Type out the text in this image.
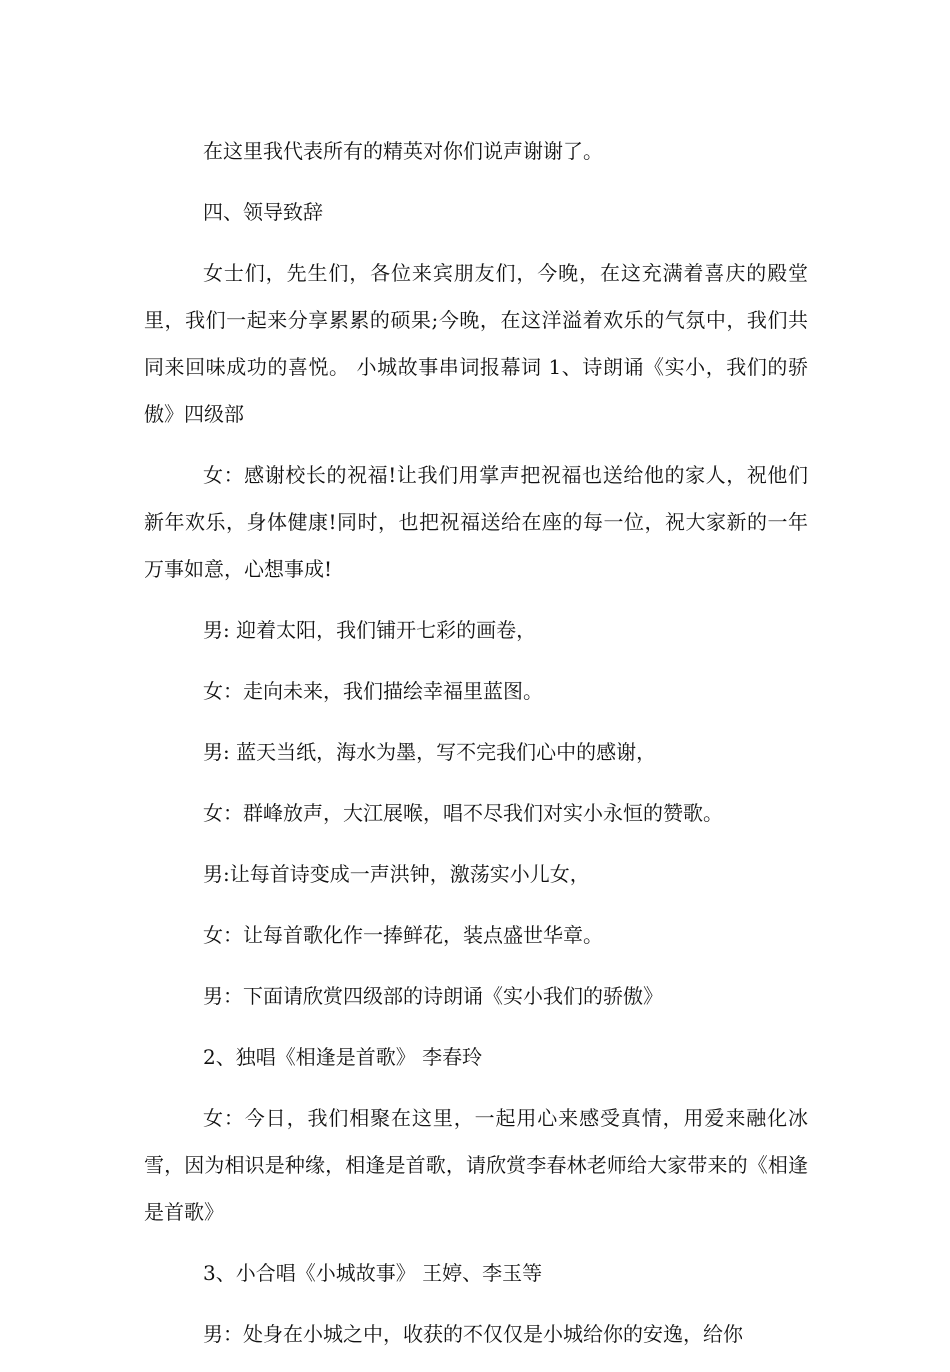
在这里我代表所有的精英对你们说声谢谢了。

四、领导致辞

女士们，先生们，各位来宾朋友们，今晚，在这充满着喜庆的殿堂里，我们一起来分享累累的硕果;今晚，在这洋溢着欢乐的气氛中，我们共同来回味成功的喜悦。 小城故事串词报幕词 1、诗朗诵《实小，我们的骄傲》四级部

女：感谢校长的祝福!让我们用掌声把祝福也送给他的家人，祝他们新年欢乐，身体健康!同时，也把祝福送给在座的每一位，祝大家新的一年万事如意，心想事成!

男: 迎着太阳，我们铺开七彩的画卷，

女：走向未来，我们描绘幸福里蓝图。

男: 蓝天当纸，海水为墨，写不完我们心中的感谢，

女：群峰放声，大江展喉，唱不尽我们对实小永恒的赞歌。

男:让每首诗变成一声洪钟，激荡实小儿女，

女：让每首歌化作一捧鲜花，装点盛世华章。

男：下面请欣赏四级部的诗朗诵《实小我们的骄傲》

2、独唱《相逢是首歌》 李春玲

女：今日，我们相聚在这里，一起用心来感受真情，用爱来融化冰雪，因为相识是种缘，相逢是首歌，请欣赏李春林老师给大家带来的《相逢是首歌》

3、小合唱《小城故事》 王婷、李玉等

男：处身在小城之中，收获的不仅仅是小城给你的安逸，给你
